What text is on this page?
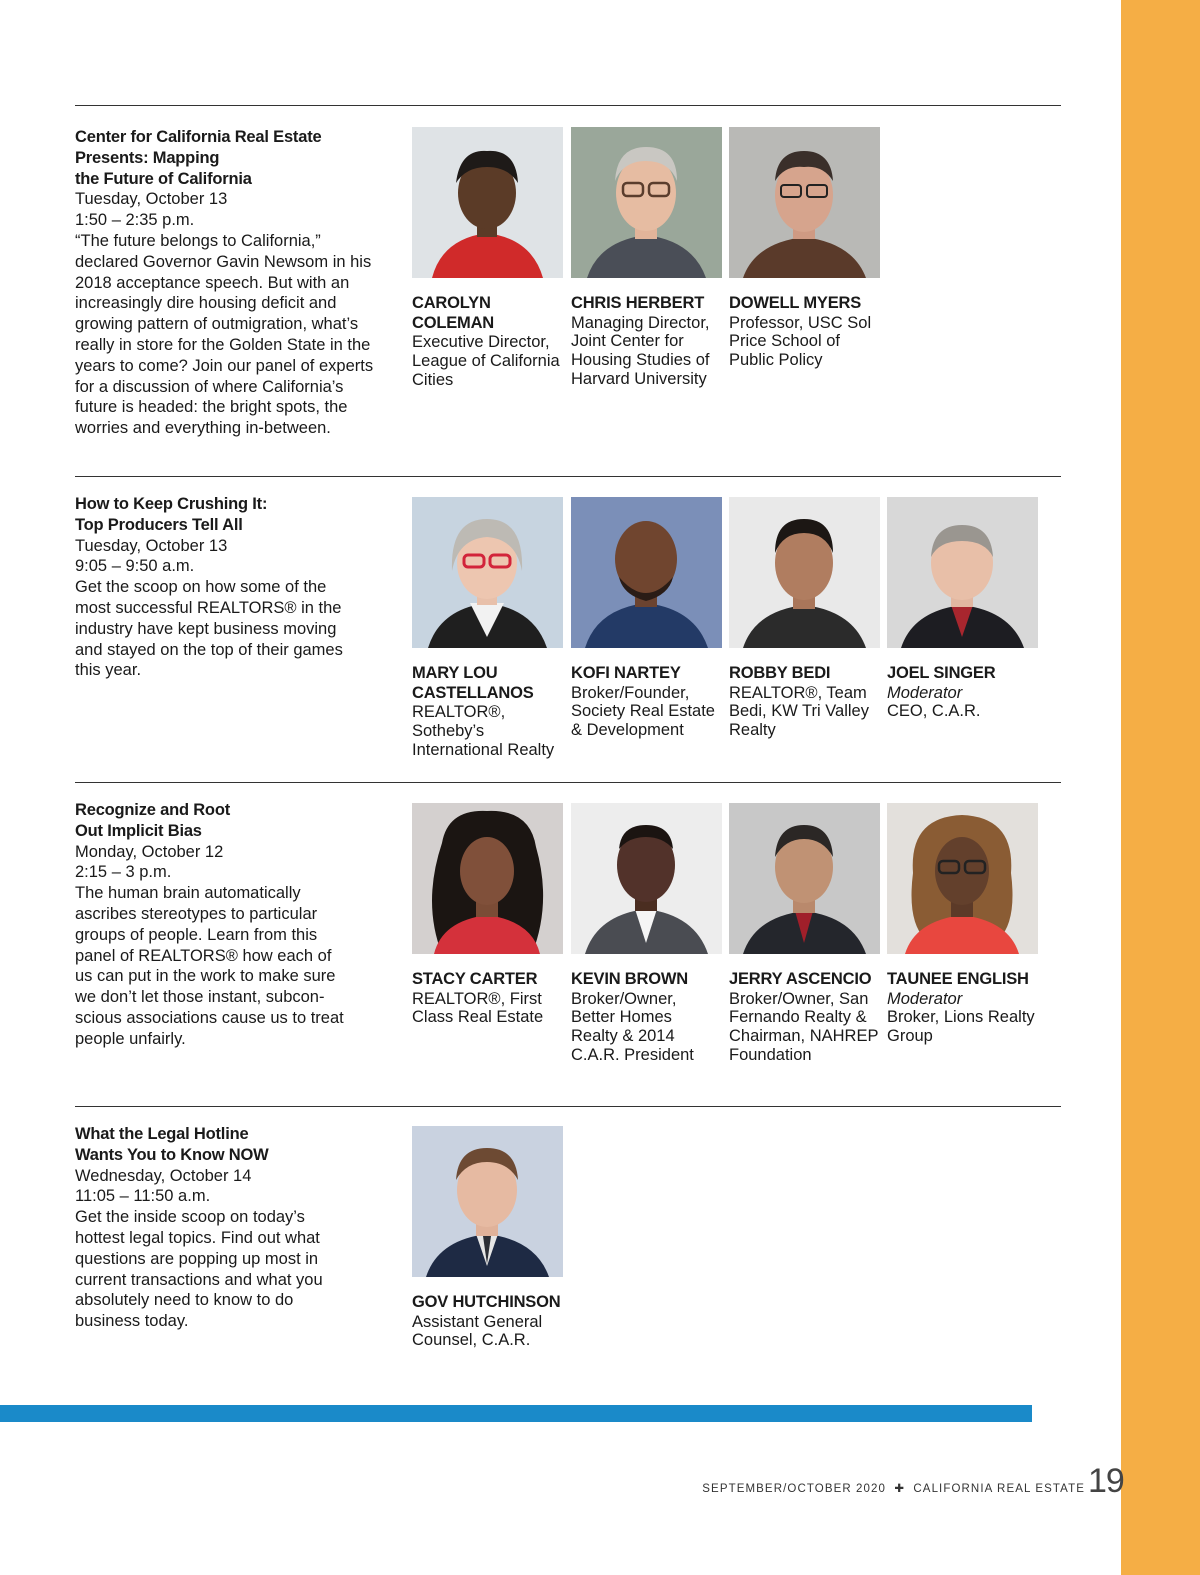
Center for California Real Estate
Presents: Mapping
the Future of California
Tuesday, October 13
1:50 – 2:35 p.m.
“The future belongs to California,” declared Governor Gavin Newsom in his 2018 acceptance speech. But with an increasingly dire housing deficit and growing pattern of outmigration, what’s really in store for the Golden State in the years to come? Join our panel of experts for a discussion of where California’s future is headed: the bright spots, the worries and everything in-between.
CAROLYN COLEMAN
Executive Director, League of California Cities
CHRIS HERBERT
Managing Director, Joint Center for Housing Studies of Harvard University
DOWELL MYERS
Professor, USC Sol Price School of Public Policy
How to Keep Crushing It:
Top Producers Tell All
Tuesday, October 13
9:05 – 9:50 a.m.
Get the scoop on how some of the most successful REALTORS® in the industry have kept business moving and stayed on the top of their games this year.	MARY LOU CASTELLANOS
REALTOR®, Sotheby’s International Realty
KOFI NARTEY
Broker/Founder, Society Real Estate & Development
ROBBY BEDI
REALTOR®, Team Bedi, KW Tri Valley Realty
JOEL SINGER
Moderator
CEO, C.A.R.
Recognize and Root
Out Implicit Bias
Monday, October 12
2:15 – 3 p.m.
The human brain automatically ascribes stereotypes to particular groups of people. Learn from this panel of REALTORS® how each of us can put in the work to make sure we don’t let those instant, subcon-scious associations cause us to treat people unfairly.
STACY CARTER
REALTOR®, First Class Real Estate
KEVIN BROWN
Broker/Owner, Better Homes Realty & 2014 C.A.R. President
JERRY ASCENCIO
Broker/Owner, San Fernando Realty & Chairman, NAHREP Foundation
TAUNEE ENGLISH
Moderator
Broker, Lions Realty Group
What the Legal Hotline
Wants You to Know NOW
Wednesday, October 14
11:05 – 11:50 a.m.
Get the inside scoop on today’s hottest legal topics. Find out what questions are popping up most in current transactions and what you absolutely need to know to do business today.
GOV HUTCHINSON
Assistant General Counsel, C.A.R.
SEPTEMBER/OCTOBER 2020 ✚ CALIFORNIA REAL ESTATE 19
